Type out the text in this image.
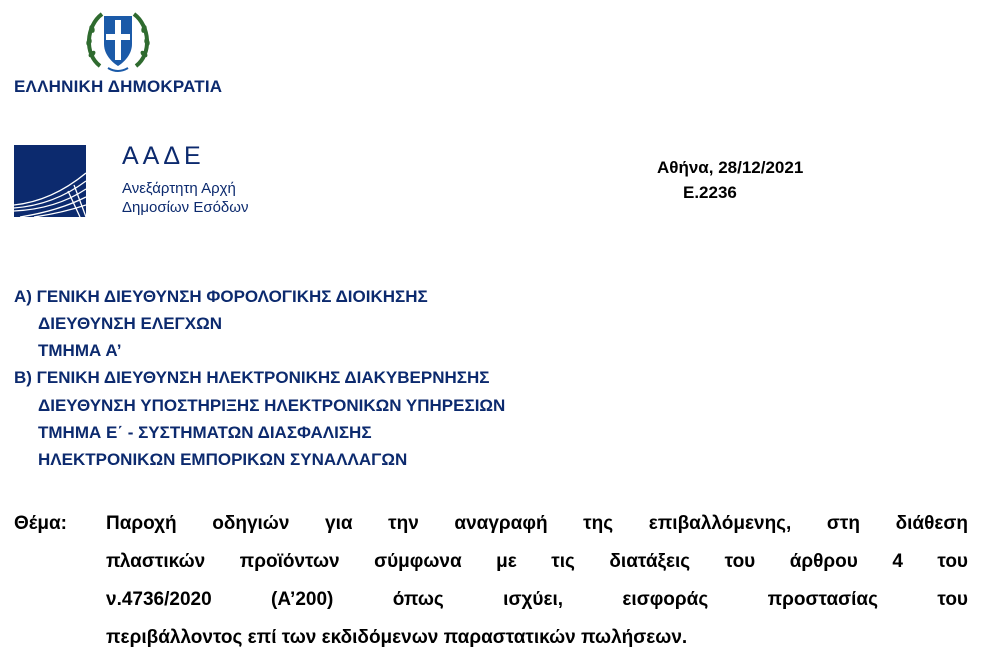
ΕΛΛΗΝΙΚΗ ΔΗΜΟΚΡΑΤΙΑ
ΑΑΔΕ
Ανεξάρτητη Αρχή
Δημοσίων Εσόδων
Αθήνα, 28/12/2021
Ε.2236
Α) ΓΕΝΙΚΗ ΔΙΕΥΘΥΝΣΗ ΦΟΡΟΛΟΓΙΚΗΣ ΔΙΟΙΚΗΣΗΣ
ΔΙΕΥΘΥΝΣΗ ΕΛΕΓΧΩΝ
ΤΜΗΜΑ Α’
Β) ΓΕΝΙΚΗ ΔΙΕΥΘΥΝΣΗ ΗΛΕΚΤΡΟΝΙΚΗΣ ΔΙΑΚΥΒΕΡΝΗΣΗΣ
ΔΙΕΥΘΥΝΣΗ ΥΠΟΣΤΗΡΙΞΗΣ ΗΛΕΚΤΡΟΝΙΚΩΝ ΥΠΗΡΕΣΙΩΝ
ΤΜΗΜΑ Ε΄ - ΣΥΣΤΗΜΑΤΩΝ ΔΙΑΣΦΑΛΙΣΗΣ
ΗΛΕΚΤΡΟΝΙΚΩΝ ΕΜΠΟΡΙΚΩΝ ΣΥΝΑΛΛΑΓΩΝ
Θέμα: Παροχή οδηγιών για την αναγραφή της επιβαλλόμενης, στη διάθεση
πλαστικών προϊόντων σύμφωνα με τις διατάξεις του άρθρου 4 του
ν.4736/2020 (Α’200) όπως ισχύει, εισφοράς προστασίας του
περιβάλλοντος επί των εκδιδόμενων παραστατικών πωλήσεων.
